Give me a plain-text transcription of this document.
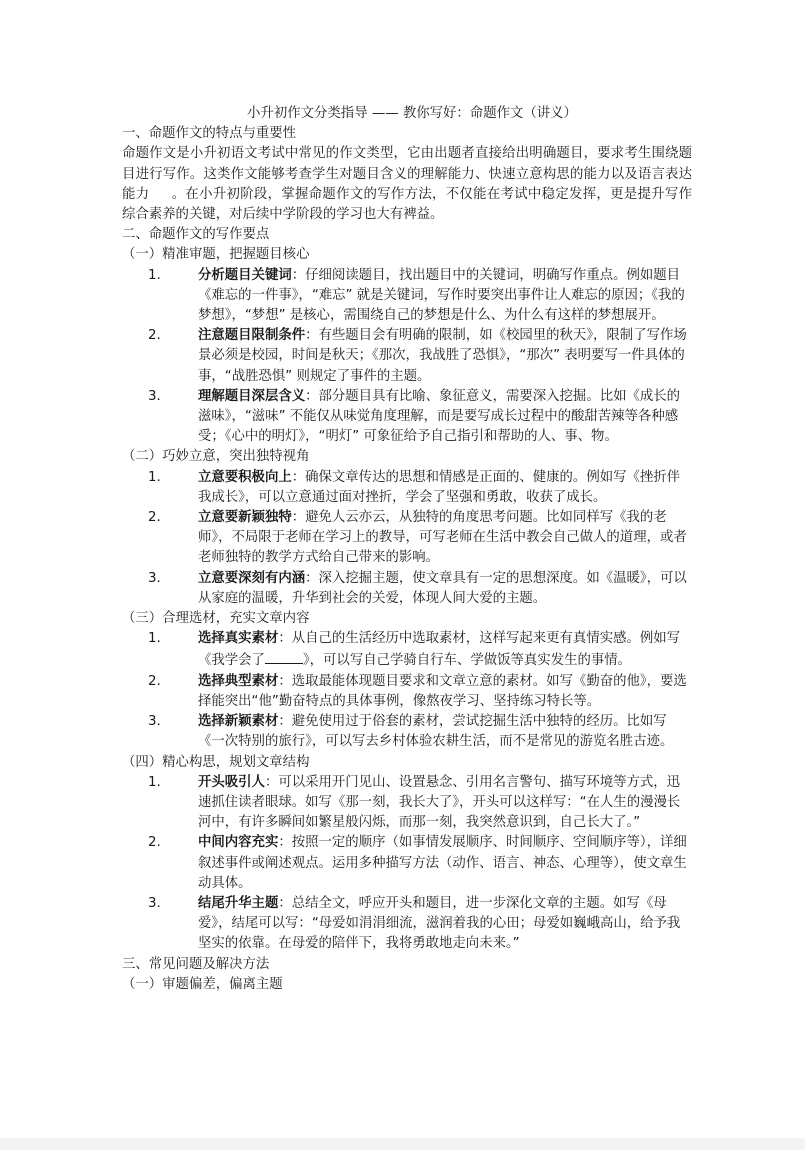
小升初作文分类指导 —— 教你写好：命题作文（讲义）

一、命题作文的特点与重要性

命题作文是小升初语文考试中常见的作文类型，它由出题者直接给出明确题目，要求考生围绕题目进行写作。这类作文能够考查学生对题目含义的理解能力、快速立意构思的能力以及语言表达能力 。在小升初阶段，掌握命题作文的写作方法，不仅能在考试中稳定发挥，更是提升写作综合素养的关键，对后续中学阶段的学习也大有裨益。

二、命题作文的写作要点

（一）精准审题，把握题目核心

1.	分析题目关键词：仔细阅读题目，找出题目中的关键词，明确写作重点。例如题目《难忘的一件事》，“难忘” 就是关键词，写作时要突出事件让人难忘的原因；《我的梦想》，“梦想” 是核心，需围绕自己的梦想是什么、为什么有这样的梦想展开。
2.	注意题目限制条件：有些题目会有明确的限制，如《校园里的秋天》，限制了写作场景必须是校园，时间是秋天；《那次，我战胜了恐惧》，“那次” 表明要写一件具体的事，“战胜恐惧” 则规定了事件的主题。
3.	理解题目深层含义：部分题目具有比喻、象征意义，需要深入挖掘。比如《成长的滋味》，“滋味” 不能仅从味觉角度理解，而是要写成长过程中的酸甜苦辣等各种感受；《心中的明灯》，“明灯” 可象征给予自己指引和帮助的人、事、物。

（二）巧妙立意，突出独特视角

1.	立意要积极向上：确保文章传达的思想和情感是正面的、健康的。例如写《挫折伴我成长》，可以立意通过面对挫折，学会了坚强和勇敢，收获了成长。
2.	立意要新颖独特：避免人云亦云，从独特的角度思考问题。比如同样写《我的老师》，不局限于老师在学习上的教导，可写老师在生活中教会自己做人的道理，或者老师独特的教学方式给自己带来的影响。
3.	立意要深刻有内涵：深入挖掘主题，使文章具有一定的思想深度。如《温暖》，可以从家庭的温暖，升华到社会的关爱，体现人间大爱的主题。

（三）合理选材，充实文章内容

1.	选择真实素材：从自己的生活经历中选取素材，这样写起来更有真情实感。例如写《我学会了	》，可以写自己学骑自行车、学做饭等真实发生的事情。
2.	选择典型素材：选取最能体现题目要求和文章立意的素材。如写《勤奋的他》，要选择能突出“他”勤奋特点的具体事例，像熬夜学习、坚持练习特长等。
3.	选择新颖素材：避免使用过于俗套的素材，尝试挖掘生活中独特的经历。比如写《一次特别的旅行》，可以写去乡村体验农耕生活，而不是常见的游览名胜古迹。

（四）精心构思，规划文章结构

1.	开头吸引人：可以采用开门见山、设置悬念、引用名言警句、描写环境等方式，迅速抓住读者眼球。如写《那一刻，我长大了》，开头可以这样写：“在人生的漫漫长河中，有许多瞬间如繁星般闪烁，而那一刻，我突然意识到，自己长大了。”
2.	中间内容充实：按照一定的顺序（如事情发展顺序、时间顺序、空间顺序等），详细叙述事件或阐述观点。运用多种描写方法（动作、语言、神态、心理等），使文章生动具体。
3.	结尾升华主题：总结全文，呼应开头和题目，进一步深化文章的主题。如写《母爱》，结尾可以写：“母爱如涓涓细流，滋润着我的心田；母爱如巍峨高山，给予我坚实的依靠。在母爱的陪伴下，我将勇敢地走向未来。”

三、常见问题及解决方法

（一）审题偏差，偏离主题
